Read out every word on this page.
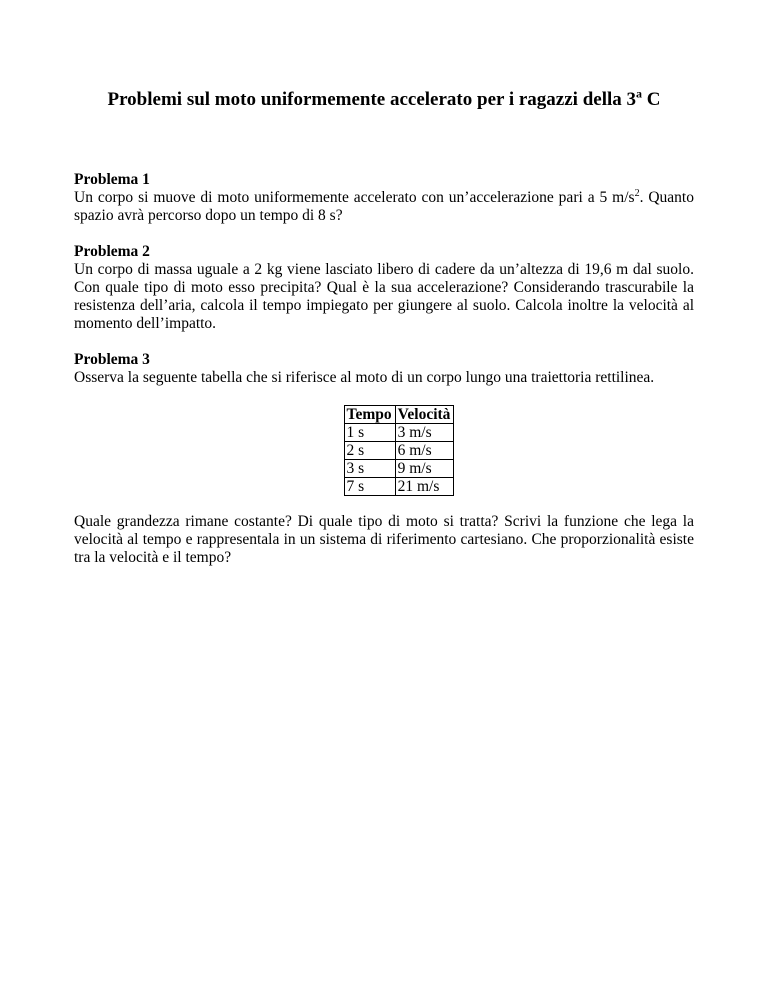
Problemi sul moto uniformemente accelerato per i ragazzi della 3$^a$ C

Problema 1

Un corpo si muove di moto uniformemente accelerato con un’accelerazione pari a 5 $m/s^2$. Quanto spazio avrà percorso dopo un tempo di 8 s?

Problema 2

Un corpo di massa uguale a 2 kg viene lasciato libero di cadere da un’altezza di 19,6 m dal suolo. Con quale tipo di moto esso precipita? Qual è la sua accelerazione? Considerando trascurabile la resistenza dell’aria, calcola il tempo impiegato per giungere al suolo. Calcola inoltre la velocità al momento dell’impatto.

Problema 3

Osserva la seguente tabella che si riferisce al moto di un corpo lungo una traiettoria rettilinea.

Tempo	Velocità
1 s	3 m/s
2 s	6 m/s
3 s	9 m/s
7 s	21 m/s

Quale grandezza rimane costante? Di quale tipo di moto si tratta? Scrivi la funzione che lega la velocità al tempo e rappresentala in un sistema di riferimento cartesiano. Che proporzionalità esiste tra la velocità e il tempo?
